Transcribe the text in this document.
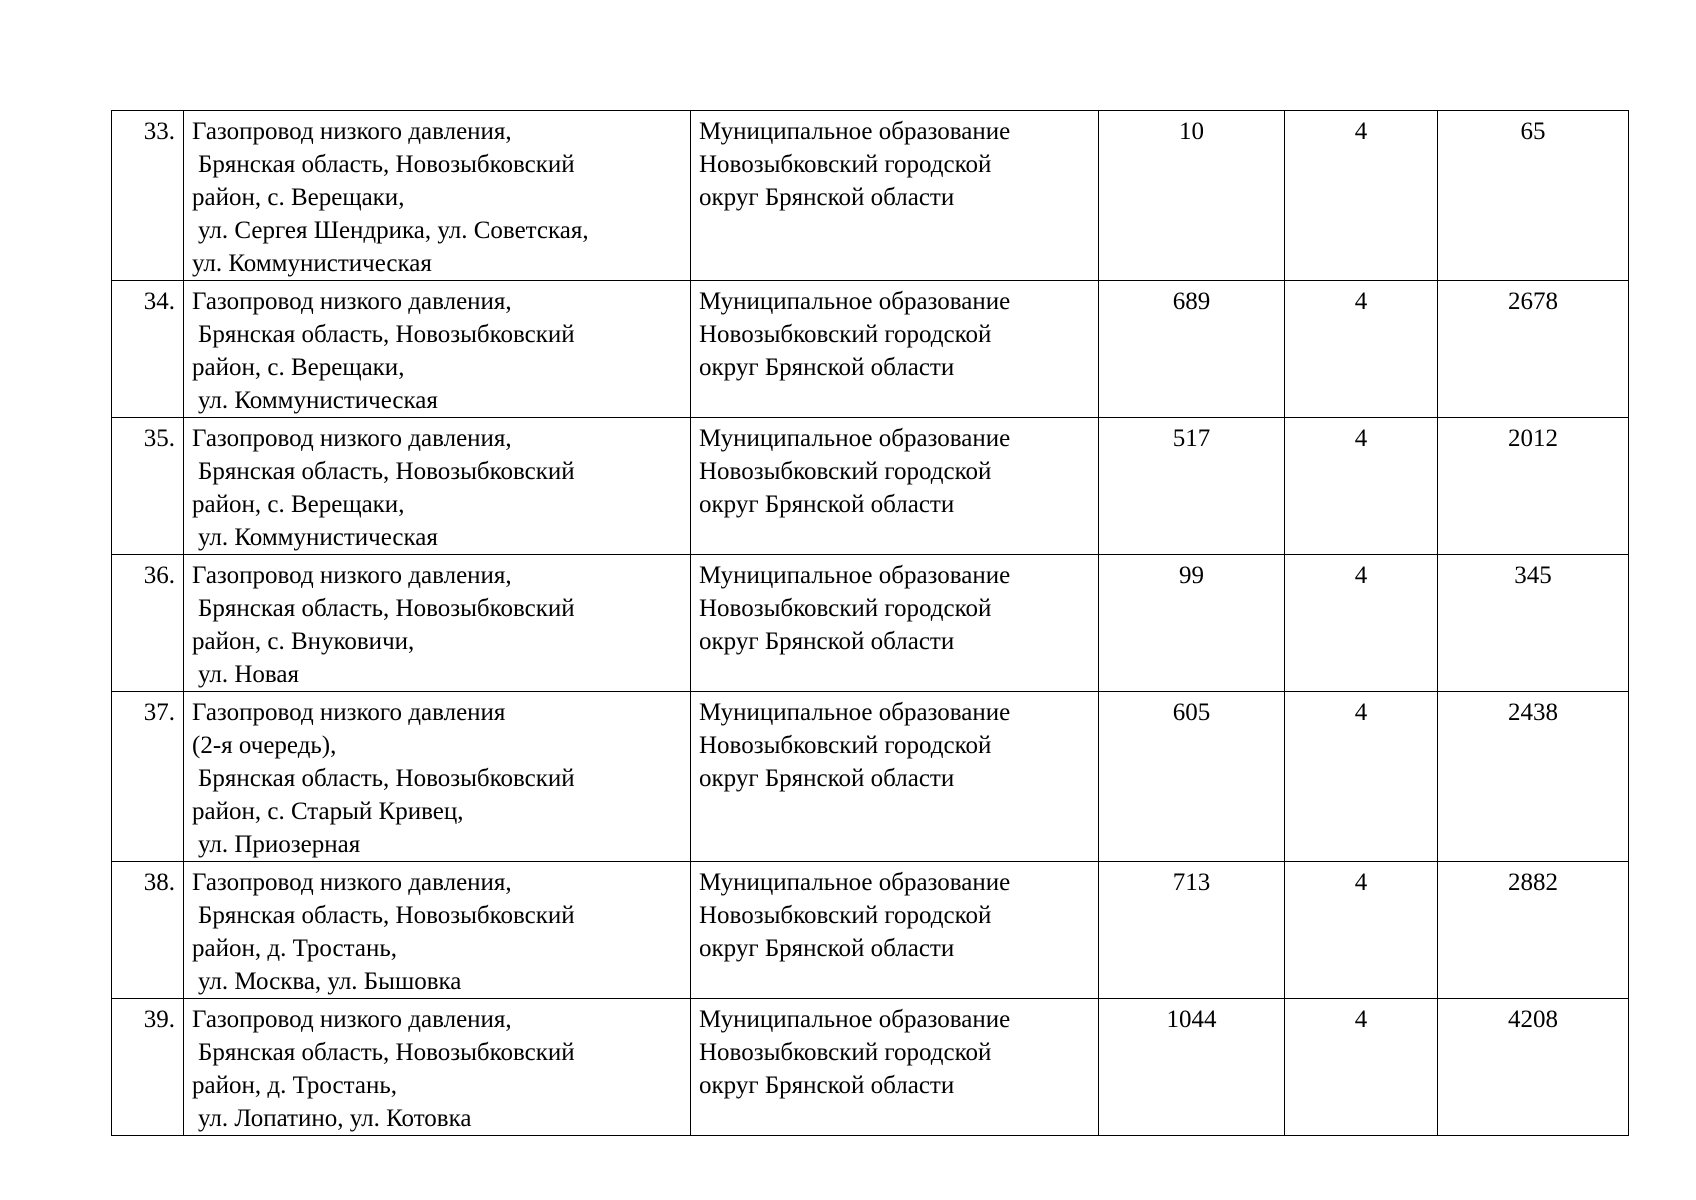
33.	Газопровод низкого давления,
Брянская область, Новозыбковский
район, с. Верещаки,
ул. Сергея Шендрика, ул. Советская,
ул. Коммунистическая	Муниципальное образование
Новозыбковский городской
округ Брянской области	10	4	65
34.	Газопровод низкого давления,
Брянская область, Новозыбковский
район, с. Верещаки,
ул. Коммунистическая	Муниципальное образование
Новозыбковский городской
округ Брянской области	689	4	2678
35.	Газопровод низкого давления,
Брянская область, Новозыбковский
район, с. Верещаки,
ул. Коммунистическая	Муниципальное образование
Новозыбковский городской
округ Брянской области	517	4	2012
36.	Газопровод низкого давления,
Брянская область, Новозыбковский
район, с. Внуковичи,
ул. Новая	Муниципальное образование
Новозыбковский городской
округ Брянской области	99	4	345
37.	Газопровод низкого давления
(2-я очередь),
Брянская область, Новозыбковский
район, с. Старый Кривец,
ул. Приозерная	Муниципальное образование
Новозыбковский городской
округ Брянской области	605	4	2438
38.	Газопровод низкого давления,
Брянская область, Новозыбковский
район, д. Тростань,
ул. Москва, ул. Бышовка	Муниципальное образование
Новозыбковский городской
округ Брянской области	713	4	2882
39.	Газопровод низкого давления,
Брянская область, Новозыбковский
район, д. Тростань,
ул. Лопатино, ул. Котовка	Муниципальное образование
Новозыбковский городской
округ Брянской области	1044	4	4208
